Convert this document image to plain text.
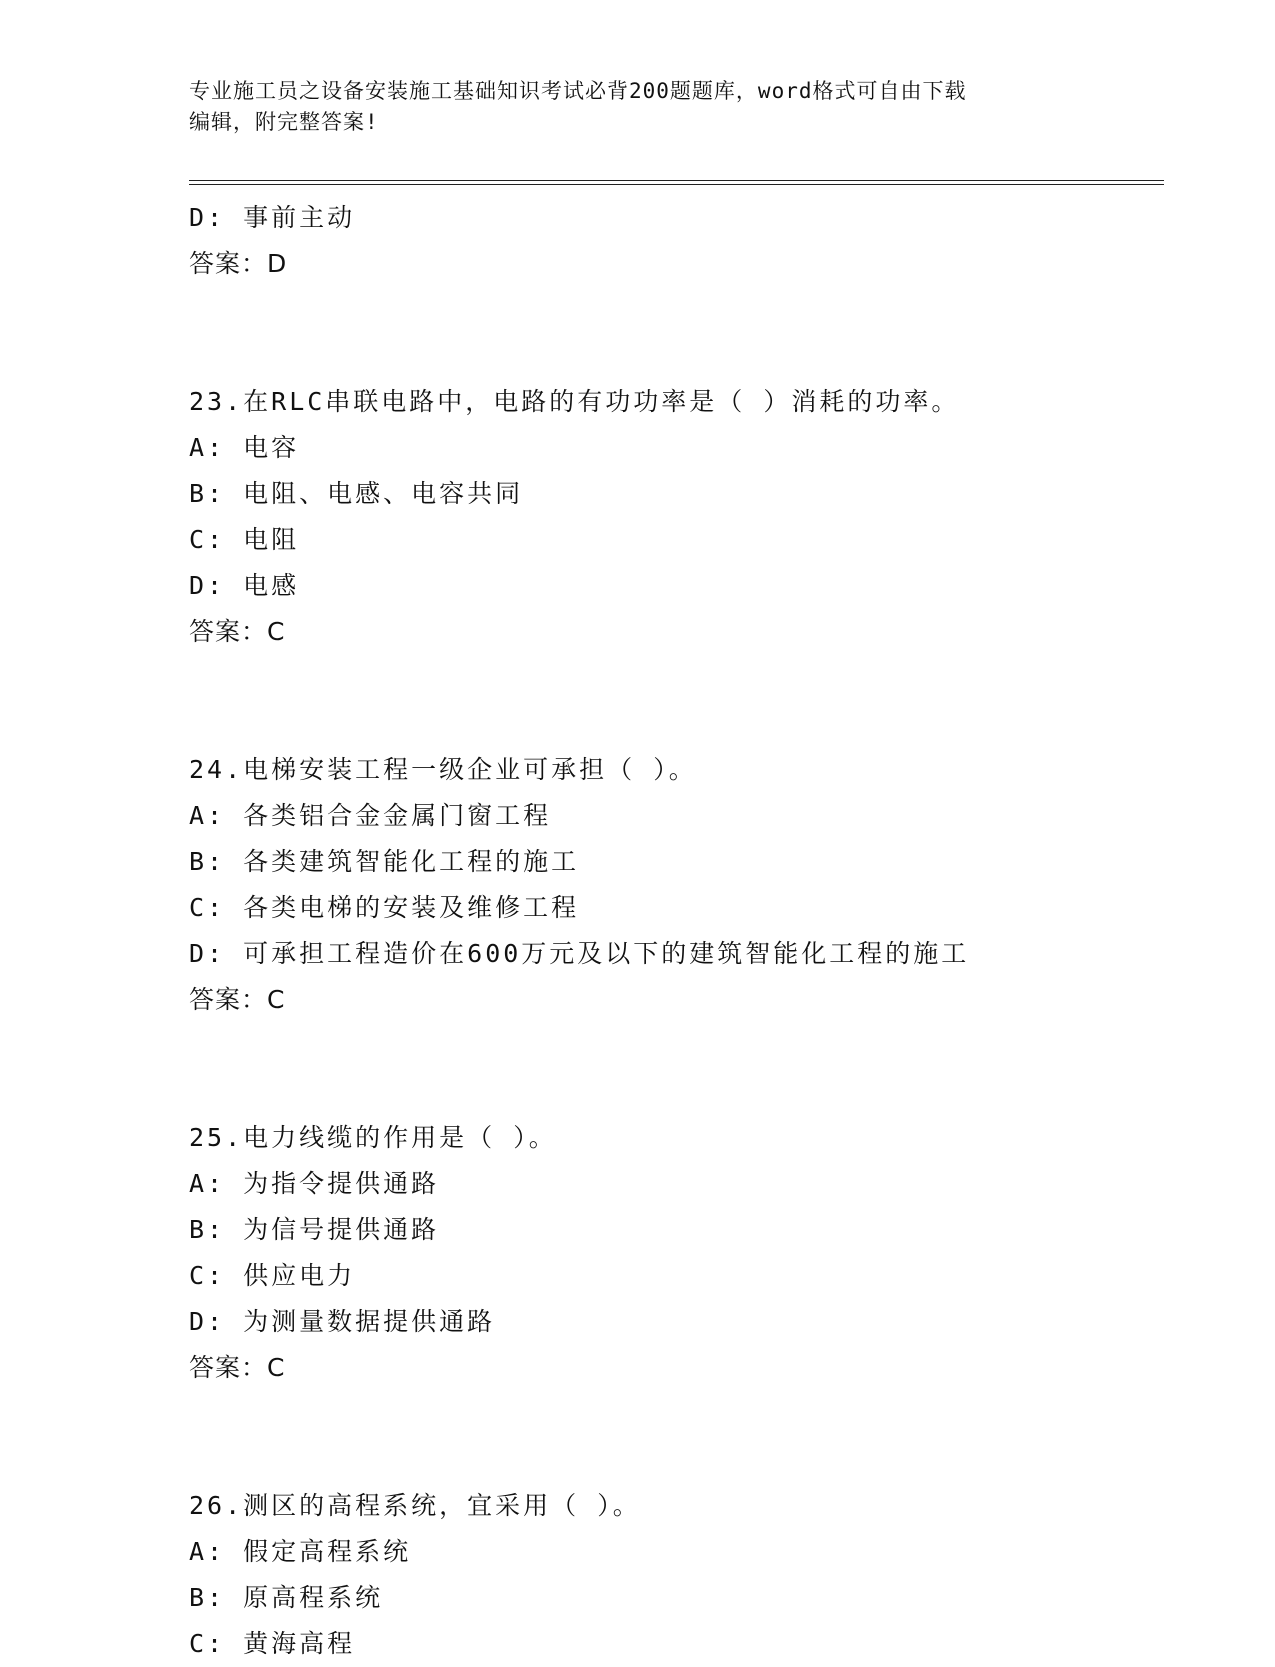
专业施工员之设备安装施工基础知识考试必背200题题库，word格式可自由下载
编辑，附完整答案!
D: 事前主动
答案：D
23.在RLC串联电路中，电路的有功功率是（ ）消耗的功率。
A: 电容
B: 电阻、电感、电容共同
C: 电阻
D: 电感
答案：C
24.电梯安装工程一级企业可承担（ ）。
A: 各类铝合金金属门窗工程
B: 各类建筑智能化工程的施工
C: 各类电梯的安装及维修工程
D: 可承担工程造价在600万元及以下的建筑智能化工程的施工
答案：C
25.电力线缆的作用是（ ）。
A: 为指令提供通路
B: 为信号提供通路
C: 供应电力
D: 为测量数据提供通路
答案：C
26.测区的高程系统，宜采用（ ）。
A: 假定高程系统
B: 原高程系统
C: 黄海高程
